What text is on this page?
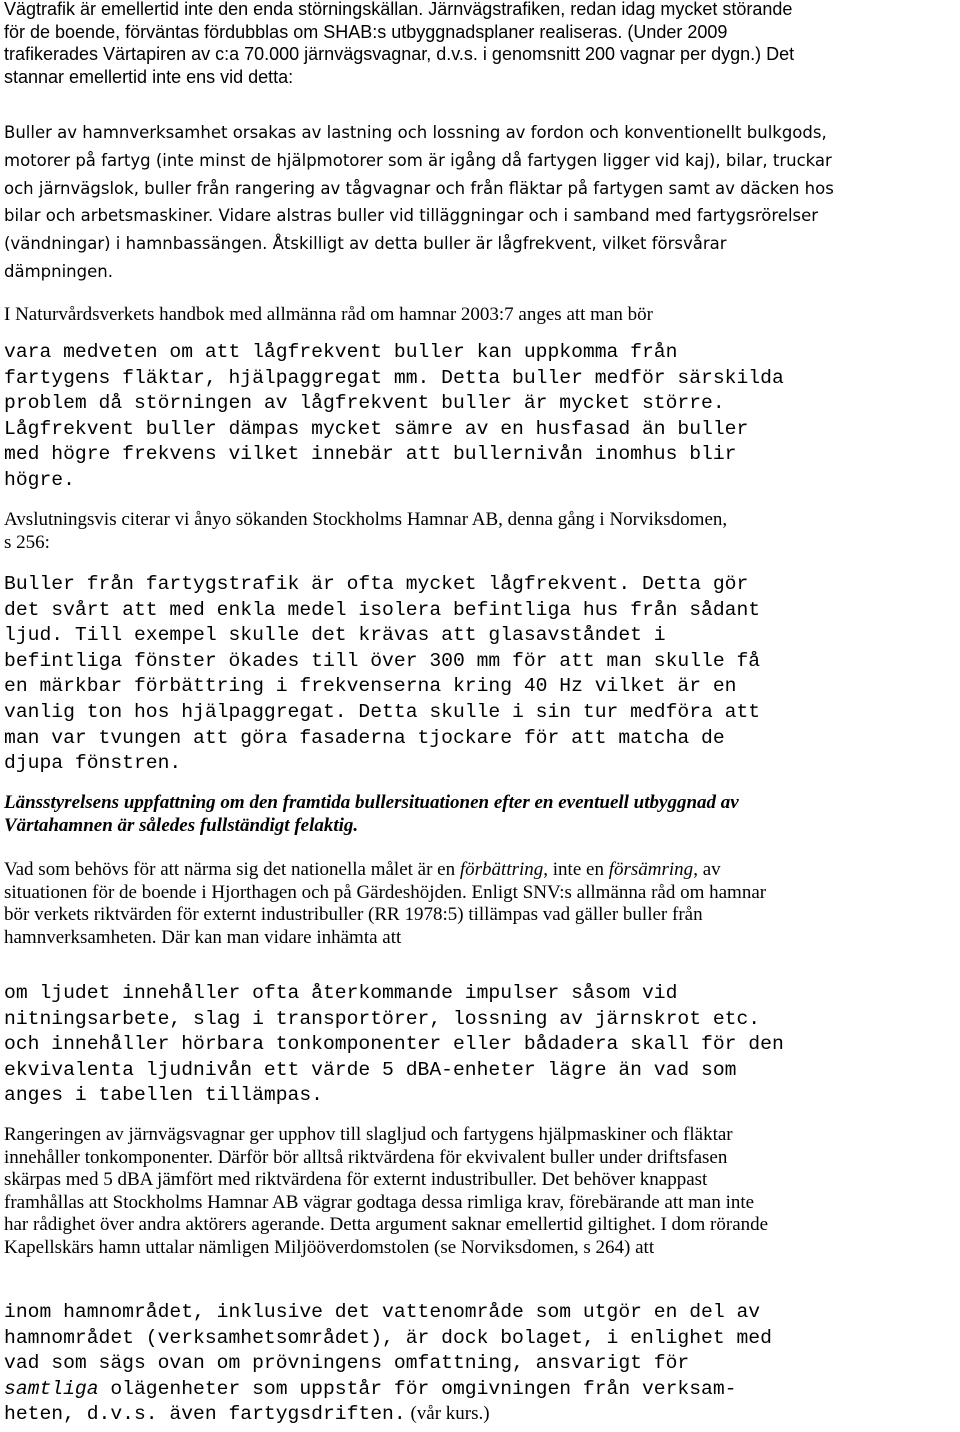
Vägtrafik är emellertid inte den enda störningskällan. Järnvägstrafiken, redan idag mycket störande
för de boende, förväntas fördubblas om SHAB:s utbyggnadsplaner realiseras. (Under 2009
trafikerades Värtapiren av c:a 70.000 järnvägsvagnar, d.v.s. i genomsnitt 200 vagnar per dygn.) Det
stannar emellertid inte ens vid detta:
Buller av hamnverksamhet orsakas av lastning och lossning av fordon och konventionellt bulkgods,
motorer på fartyg (inte minst de hjälpmotorer som är igång då fartygen ligger vid kaj), bilar, truckar
och järnvägslok, buller från rangering av tågvagnar och från fläktar på fartygen samt av däcken hos
bilar och arbetsmaskiner. Vidare alstras buller vid tilläggningar och i samband med fartygsrörelser
(vändningar) i hamnbassängen. Åtskilligt av detta buller är lågfrekvent, vilket försvårar
dämpningen.
I Naturvårdsverkets handbok med allmänna råd om hamnar 2003:7 anges att man bör
vara medveten om att lågfrekvent buller kan uppkomma från
fartygens fläktar, hjälpaggregat mm. Detta buller medför särskilda
problem då störningen av lågfrekvent buller är mycket större.
Lågfrekvent buller dämpas mycket sämre av en husfasad än buller
med högre frekvens vilket innebär att bullernivån inomhus blir
högre.
Avslutningsvis citerar vi ånyo sökanden Stockholms Hamnar AB, denna gång i Norviksdomen,
s 256:
Buller från fartygstrafik är ofta mycket lågfrekvent. Detta gör
det svårt att med enkla medel isolera befintliga hus från sådant
ljud. Till exempel skulle det krävas att glasavståndet i
befintliga fönster ökades till över 300 mm för att man skulle få
en märkbar förbättring i frekvenserna kring 40 Hz vilket är en
vanlig ton hos hjälpaggregat. Detta skulle i sin tur medföra att
man var tvungen att göra fasaderna tjockare för att matcha de
djupa fönstren.
Länsstyrelsens uppfattning om den framtida bullersituationen efter en eventuell utbyggnad av
Värtahamnen är således fullständigt felaktig.
Vad som behövs för att närma sig det nationella målet är en förbättring, inte en försämring, av
situationen för de boende i Hjorthagen och på Gärdeshöjden. Enligt SNV:s allmänna råd om hamnar
bör verkets riktvärden för externt industribuller (RR 1978:5) tillämpas vad gäller buller från
hamnverksamheten. Där kan man vidare inhämta att
om ljudet innehåller ofta återkommande impulser såsom vid
nitningsarbete, slag i transportörer, lossning av järnskrot etc.
och innehåller hörbara tonkomponenter eller bådadera skall för den
ekvivalenta ljudnivån ett värde 5 dBA-enheter lägre än vad som
anges i tabellen tillämpas.
Rangeringen av järnvägsvagnar ger upphov till slagljud och fartygens hjälpmaskiner och fläktar
innehåller tonkomponenter. Därför bör alltså riktvärdena för ekvivalent buller under driftsfasen
skärpas med 5 dBA jämfört med riktvärdena för externt industribuller. Det behöver knappast
framhållas att Stockholms Hamnar AB vägrar godtaga dessa rimliga krav, förebärande att man inte
har rådighet över andra aktörers agerande. Detta argument saknar emellertid giltighet. I dom rörande
Kapellskärs hamn uttalar nämligen Miljööverdomstolen (se Norviksdomen, s 264) att
inom hamnområdet, inklusive det vattenområde som utgör en del av
hamnområdet (verksamhetsområdet), är dock bolaget, i enlighet med
vad som sägs ovan om prövningens omfattning, ansvarigt för
samtliga olägenheter som uppstår för omgivningen från verksam-
heten, d.v.s. även fartygsdriften. (vår kurs.)
